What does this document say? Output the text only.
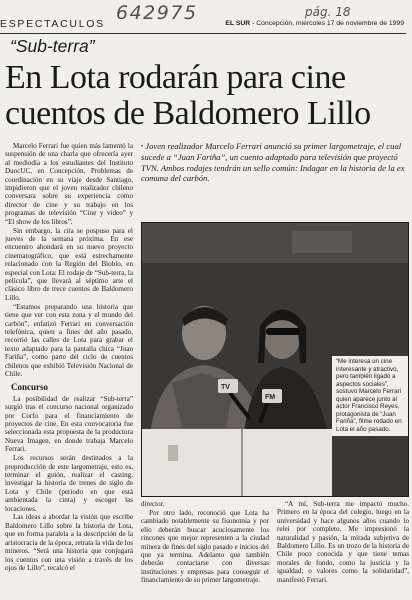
642975	pág. 18
ESPECTACULOS	EL SUR - Concepción, miércoles 17 de noviembre de 1999
“Sub-terra”
En Lota rodarán para cine cuentos de Baldomero Lillo

Marcelo Ferrari fue quien más lamentó la suspensión de una charla que ofrecería ayer al mediodía a los estudiantes del Instituto DuocUC, en Concepción. Problemas de coordinación en su viaje desde Santiago, impidieron que el joven realizador chileno conversara sobre su experiencia como director de cine y su trabajo en los programas de televisión “Cine y video” y “El show de los libros”.

Sin embargo, la cita se pospuso para el jueves de la semana próxima. En ese encuentro ahondará en su nuevo proyecto cinematográfico, que está estrechamente relacionado con la Región del Biobío, en especial con Lota: El rodaje de “Sub-terra, la película”, que llevará al séptimo arte el clásico libro de trece cuentos de Baldomero Lillo.

“Estamos preparando una historia que tiene que ver con esta zona y el mundo del carbón”, enfatizó Ferrari en conversación telefónica, quien a fines del año pasado, recorrió las calles de Lota para grabar el texto adaptado para la pantalla chica “Juan Fariña”, como parte del ciclo de cuentos chilenos que exhibió Televisión Nacional de Chile.

Concurso

La posibilidad de realizar “Sub-terra” surgió tras el concurso nacional organizado por Corfo para el financiamiento de proyectos de cine. En esta convocatoria fue seleccionada esta propuesta de la productora Nueva Imagen, en donde trabaja Marcelo Ferrari.

Los recursos serán destinados a la preproducción de este largometraje, esto es, terminar el guión, realizar el casting, investigar la historia de trenes de siglo de Lota y Chile (periodo en que está ambientada la cinta) y escoger las locaciones.

Las ideas a abordar la visión que escribe Baldomero Lillo sobre la historia de Lota, que en forma paralela a la descripción de la aristocracia de la época, retrata la vida de los mineros. “Será una historia que conjugará los cuentos con una visión a través de los ojos de Lillo”, recalcó el

• Joven realizador Marcelo Ferrari anunció su primer largometraje, el cual sucede a “Juan Fariña”, un cuento adaptado para televisión que proyectó TVN. Ambos rodajes tendrán un sello común: Indagar en la historia de la ex comuna del carbón.
TV
FM
“Me interesa un cine interesante y atractivo, pero también ligado a aspectos sociales”, sostuvo Marcelo Ferrari quien aparece junto al actor Francisco Reyes, protagonista de “Juan Fariña”, filme rodado en Lota el año pasado.

director.

Por otro lado, reconoció que Lota ha cambiado notablemente su fisonomía y por ello deberán buscar acuciosamente los rincones que mejor representen a la ciudad minera de fines del siglo pasado e inicios del que ya termina. Adelanto que también deberán contactarse con diversas instituciones y empresas para conseguir el financiamiento de su primer largometraje.

“A mí, Sub-terra me impactó mucho. Primero en la época del colegio, luego en la universidad y hace algunos años cuando lo releí por completo. Me impresionó la naturalidad y pasión, la mirada subjetiva de Baldomero Lillo. Es un trozo de la historia de Chile poco conocida y que tiene temas morales de fondo, como la justicia y la igualdad; o valores como la solidaridad”, manifestó Ferrari.
